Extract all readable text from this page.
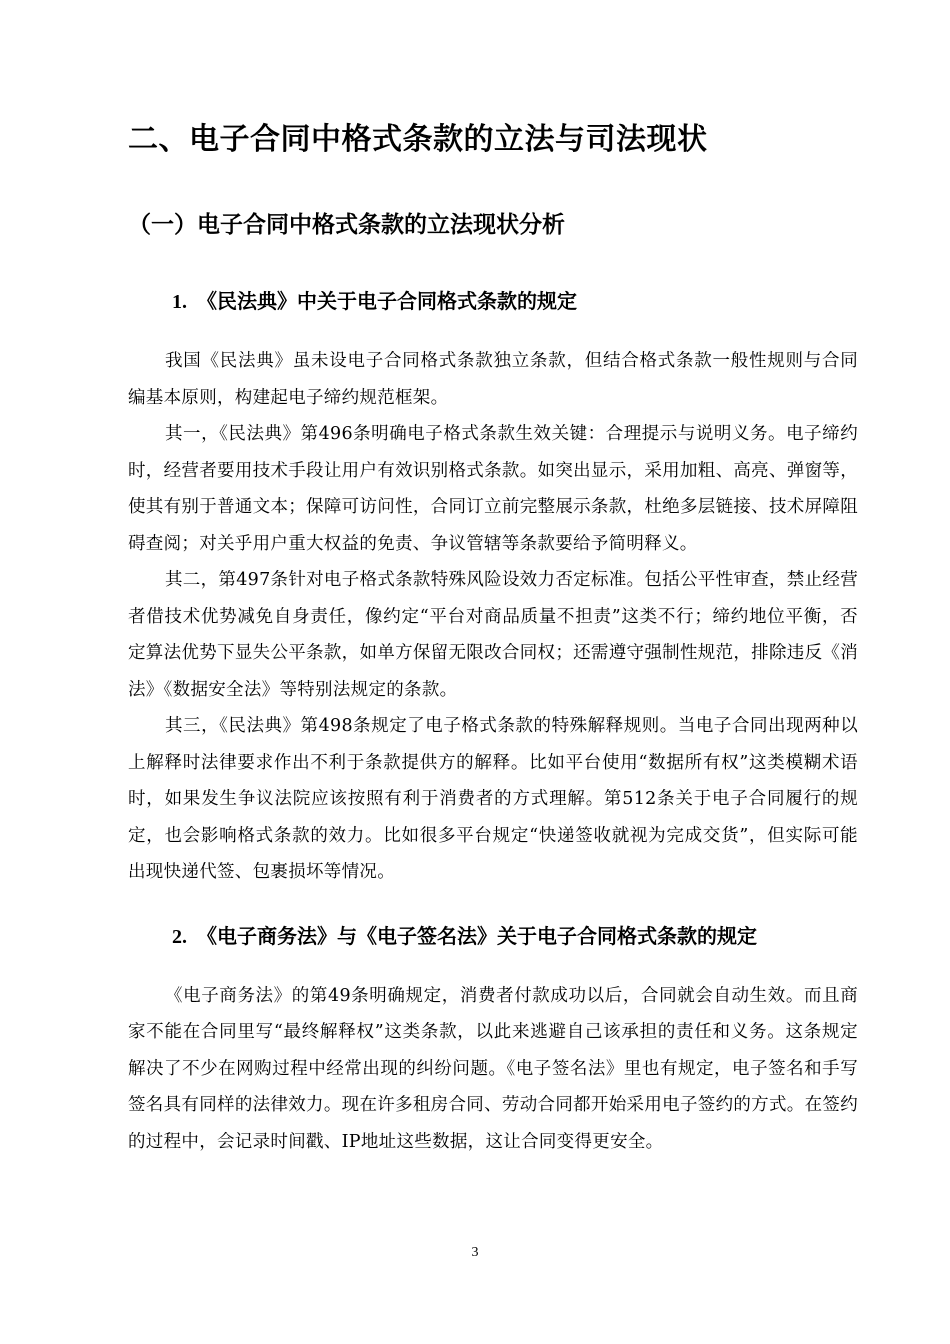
二、电子合同中格式条款的立法与司法现状
（一）电子合同中格式条款的立法现状分析
1. 《民法典》中关于电子合同格式条款的规定

我国《民法典》虽未设电子合同格式条款独立条款，但结合格式条款一般性规则与合同编基本原则，构建起电子缔约规范框架。

其一，《民法典》第496条明确电子格式条款生效关键：合理提示与说明义务。电子缔约时，经营者要用技术手段让用户有效识别格式条款。如突出显示，采用加粗、高亮、弹窗等，使其有别于普通文本；保障可访问性，合同订立前完整展示条款，杜绝多层链接、技术屏障阻碍查阅；对关乎用户重大权益的免责、争议管辖等条款要给予简明释义。

其二，第497条针对电子格式条款特殊风险设效力否定标准。包括公平性审查，禁止经营者借技术优势减免自身责任，像约定“平台对商品质量不担责”这类不行；缔约地位平衡，否定算法优势下显失公平条款，如单方保留无限改合同权；还需遵守强制性规范，排除违反《消法》《数据安全法》等特别法规定的条款。

其三，《民法典》第498条规定了电子格式条款的特殊解释规则。当电子合同出现两种以上解释时法律要求作出不利于条款提供方的解释。比如平台使用“数据所有权”这类模糊术语时，如果发生争议法院应该按照有利于消费者的方式理解。第512条关于电子合同履行的规定，也会影响格式条款的效力。比如很多平台规定“快递签收就视为完成交货”，但实际可能出现快递代签、包裹损坏等情况。

2. 《电子商务法》与《电子签名法》关于电子合同格式条款的规定

《电子商务法》的第49条明确规定，消费者付款成功以后，合同就会自动生效。而且商家不能在合同里写“最终解释权”这类条款，以此来逃避自己该承担的责任和义务。这条规定解决了不少在网购过程中经常出现的纠纷问题。《电子签名法》里也有规定，电子签名和手写签名具有同样的法律效力。现在许多租房合同、劳动合同都开始采用电子签约的方式。在签约的过程中，会记录时间戳、IP地址这些数据，这让合同变得更安全。

3
